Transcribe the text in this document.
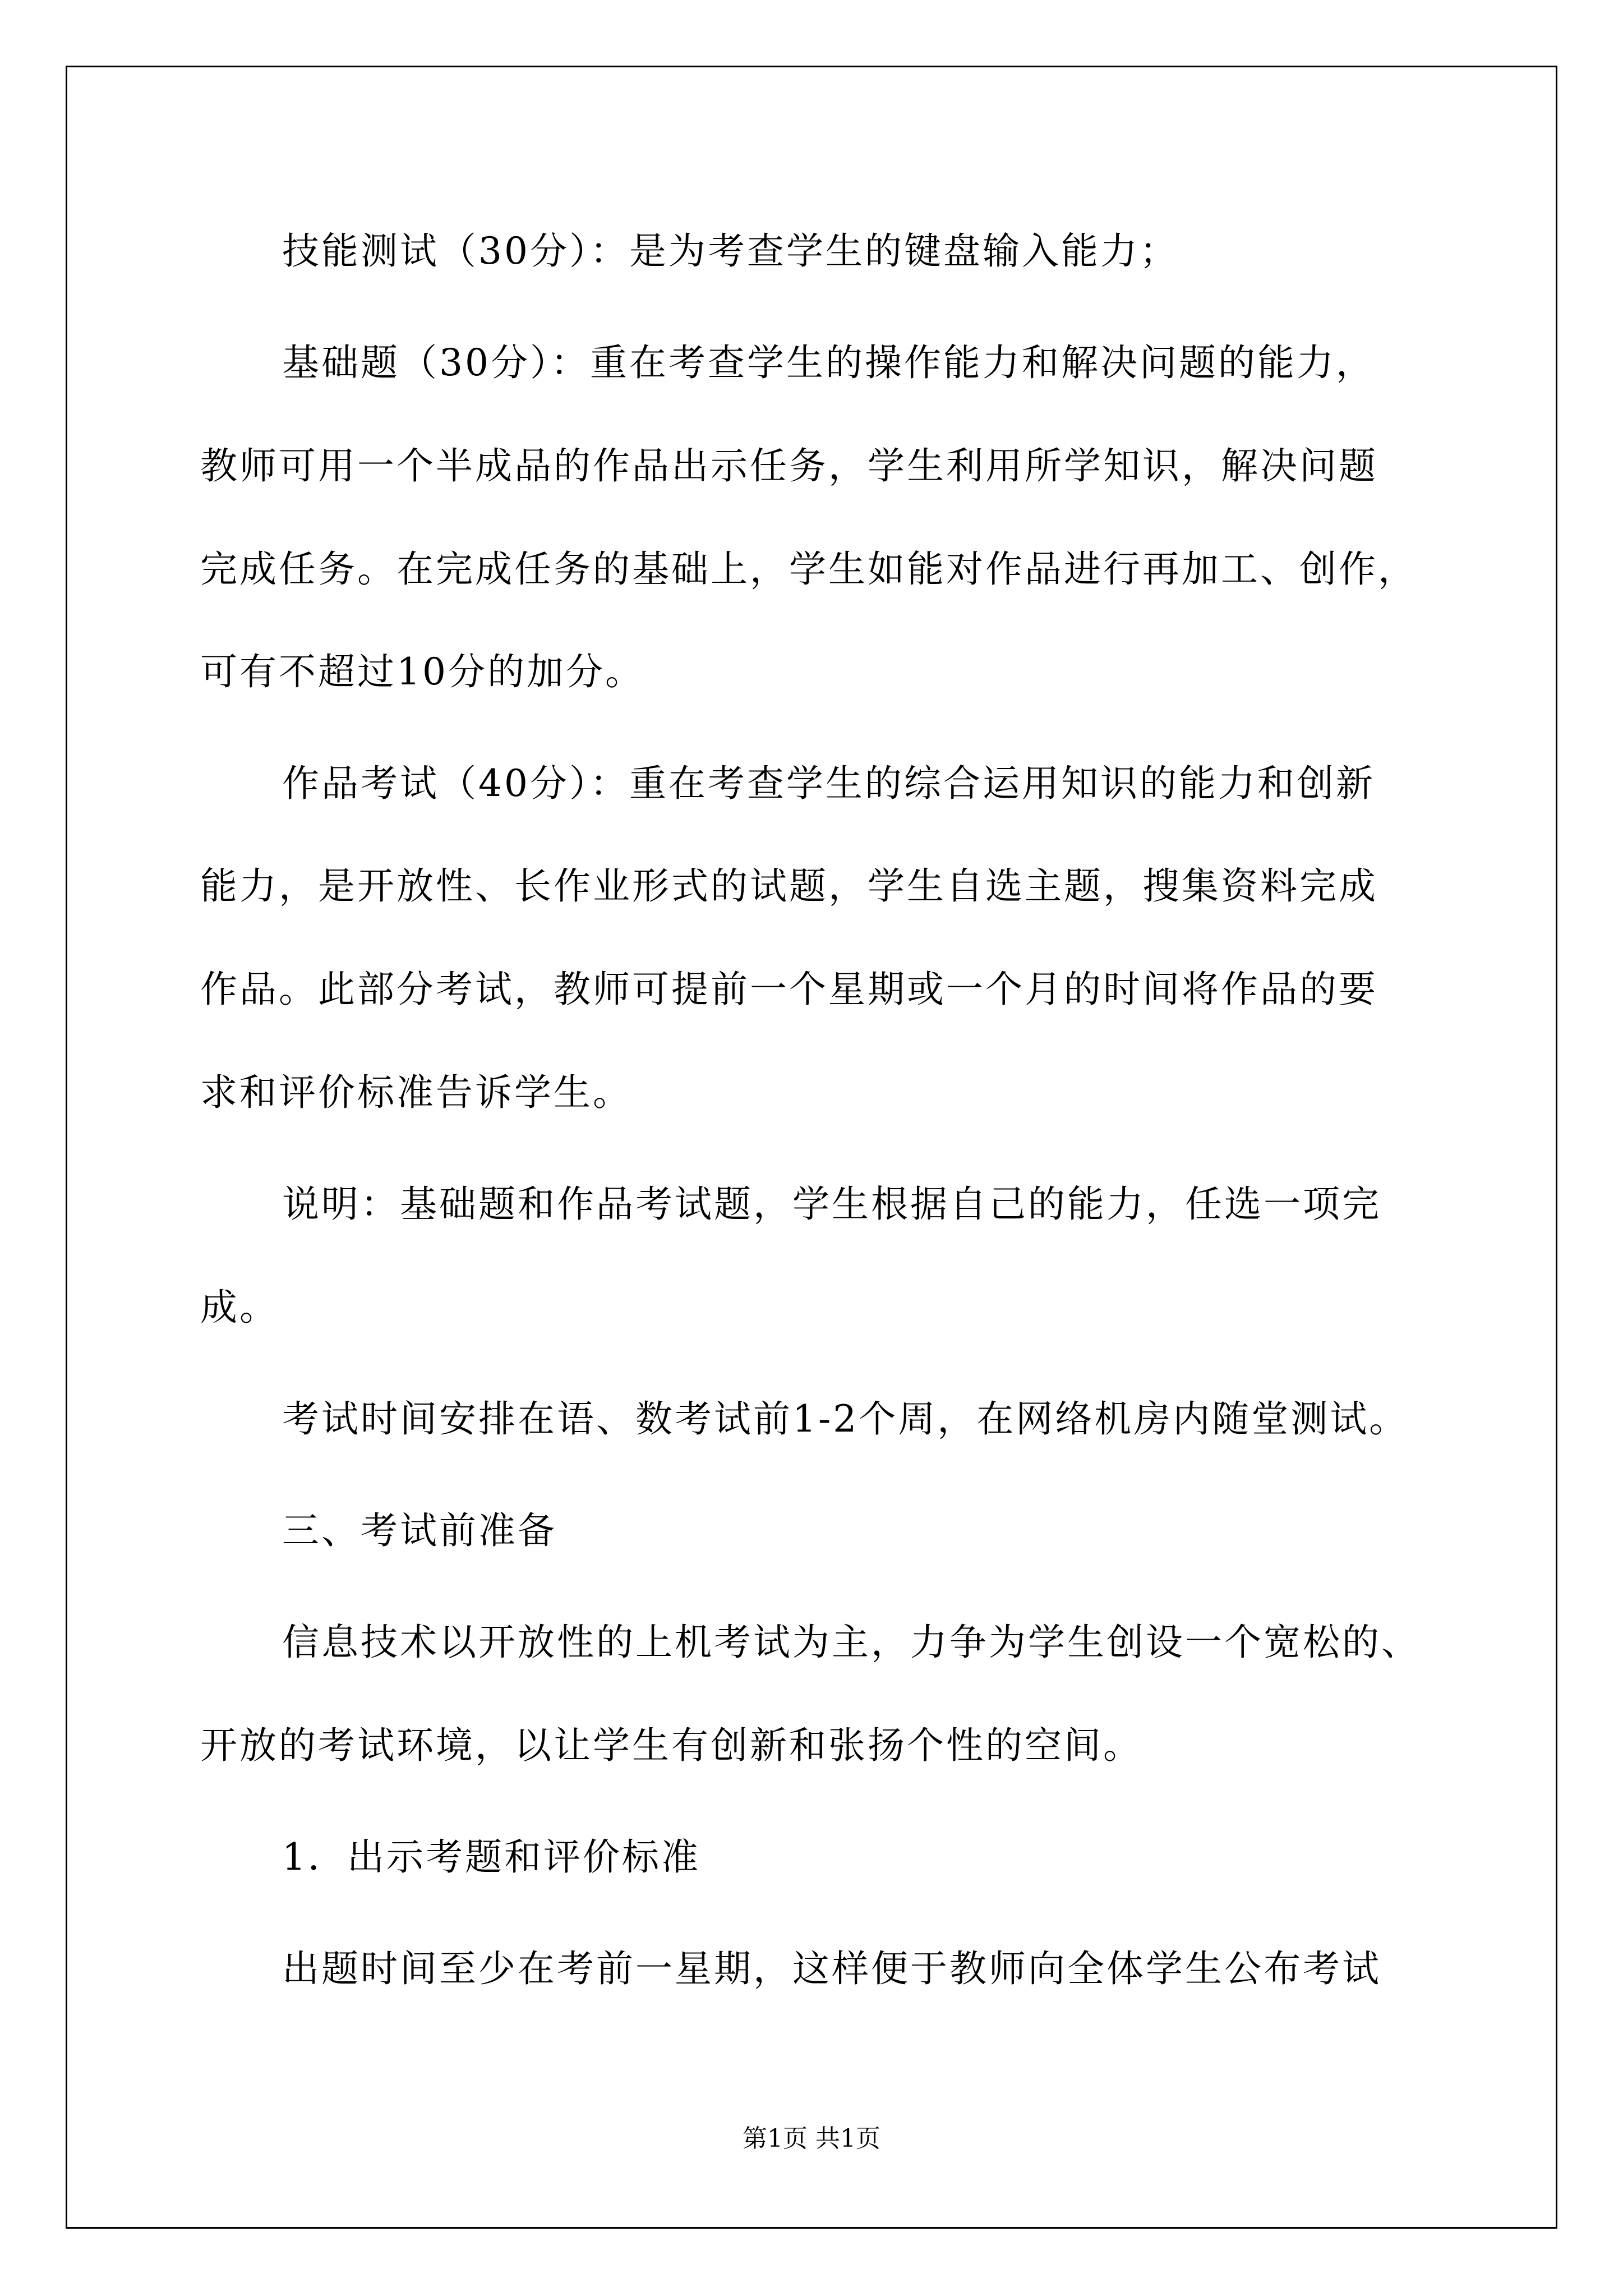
技能测试（30分）：是为考查学生的键盘输入能力；
基础题（30分）：重在考查学生的操作能力和解决问题的能力，
教师可用一个半成品的作品出示任务，学生利用所学知识，解决问题
完成任务。在完成任务的基础上，学生如能对作品进行再加工、创作，
可有不超过10分的加分。
作品考试（40分）：重在考查学生的综合运用知识的能力和创新
能力，是开放性、长作业形式的试题，学生自选主题，搜集资料完成
作品。此部分考试，教师可提前一个星期或一个月的时间将作品的要
求和评价标准告诉学生。
说明：基础题和作品考试题，学生根据自己的能力，任选一项完
成。
考试时间安排在语、数考试前1-2个周，在网络机房内随堂测试。
三、考试前准备
信息技术以开放性的上机考试为主，力争为学生创设一个宽松的、
开放的考试环境，以让学生有创新和张扬个性的空间。
1．出示考题和评价标准
出题时间至少在考前一星期，这样便于教师向全体学生公布考试
第1页 共1页
